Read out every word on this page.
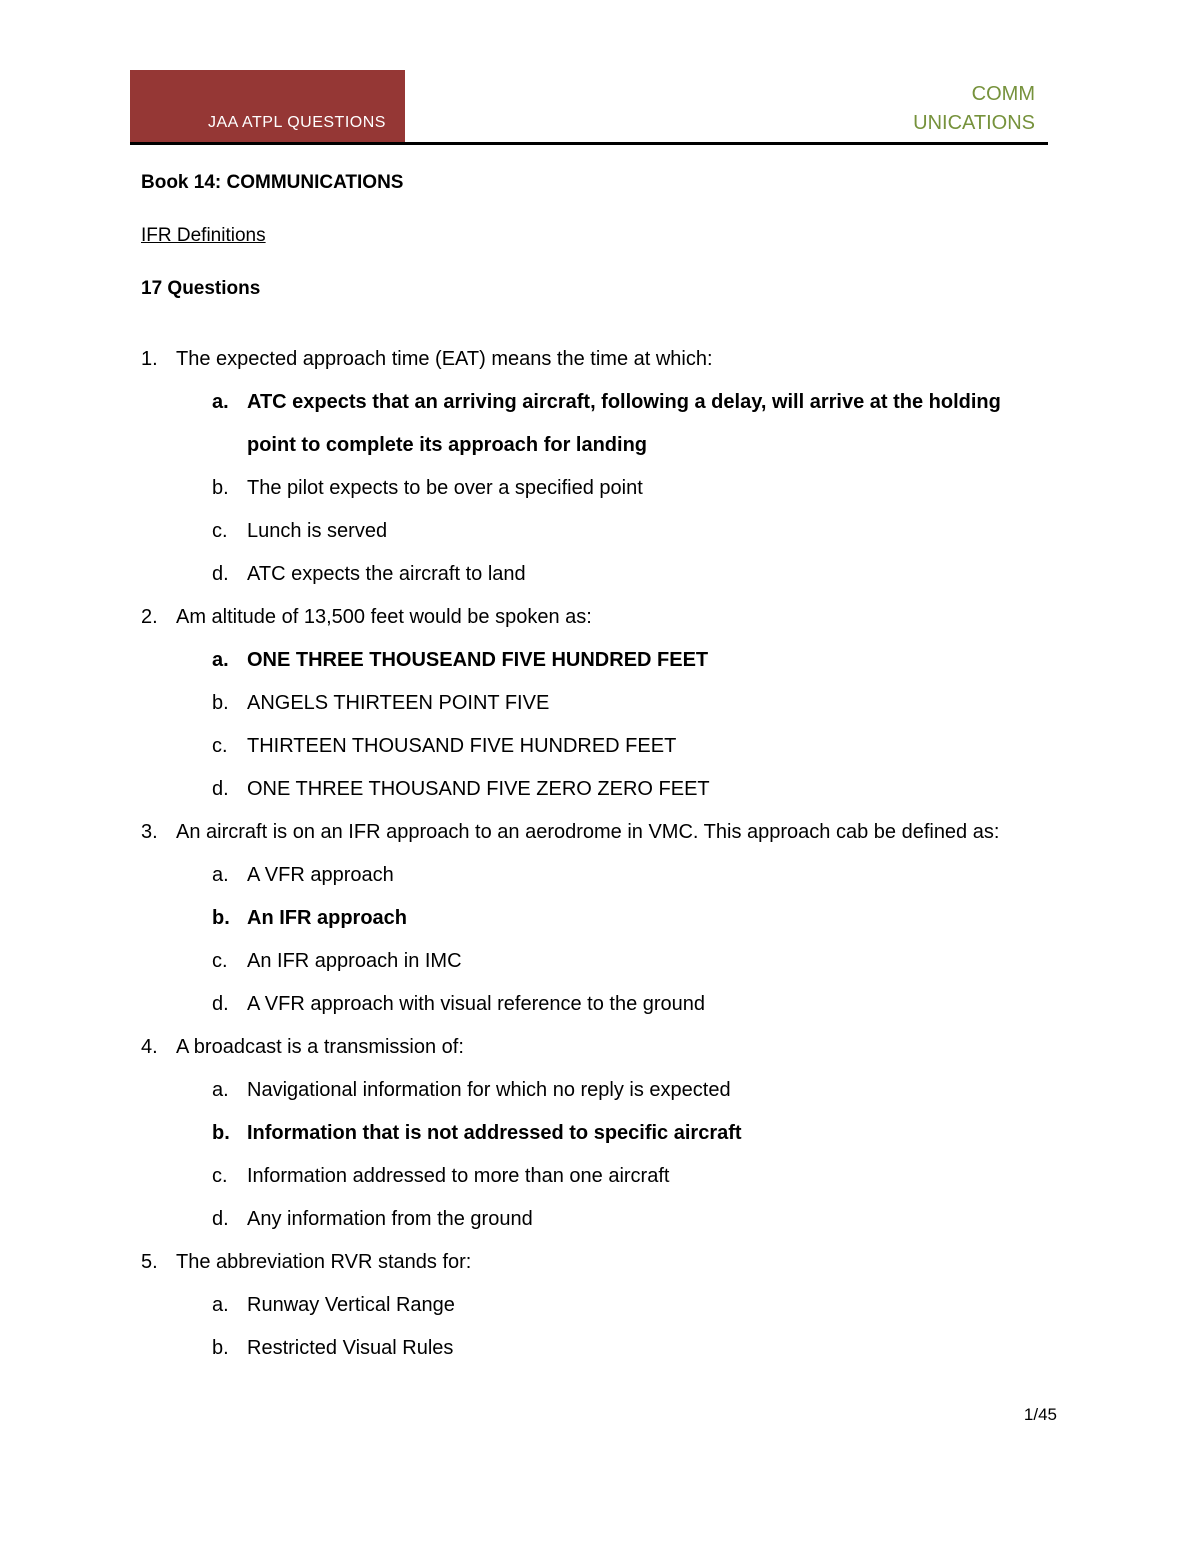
JAA ATPL QUESTIONS
COMM
UNICATIONS
Book 14: COMMUNICATIONS
IFR Definitions
17 Questions
1. The expected approach time (EAT) means the time at which:
a. ATC expects that an arriving aircraft, following a delay, will arrive at the holding point to complete its approach for landing
b. The pilot expects to be over a specified point
c. Lunch is served
d. ATC expects the aircraft to land
2. Am altitude of 13,500 feet would be spoken as:
a. ONE THREE THOUSEAND FIVE HUNDRED FEET
b. ANGELS THIRTEEN POINT FIVE
c. THIRTEEN THOUSAND FIVE HUNDRED FEET
d. ONE THREE THOUSAND FIVE ZERO ZERO FEET
3. An aircraft is on an IFR approach to an aerodrome in VMC. This approach cab be defined as:
a. A VFR approach
b. An IFR approach
c. An IFR approach in IMC
d. A VFR approach with visual reference to the ground
4. A broadcast is a transmission of:
a. Navigational information for which no reply is expected
b. Information that is not addressed to specific aircraft
c. Information addressed to more than one aircraft
d. Any information from the ground
5. The abbreviation RVR stands for:
a. Runway Vertical Range
b. Restricted Visual Rules
1/45
